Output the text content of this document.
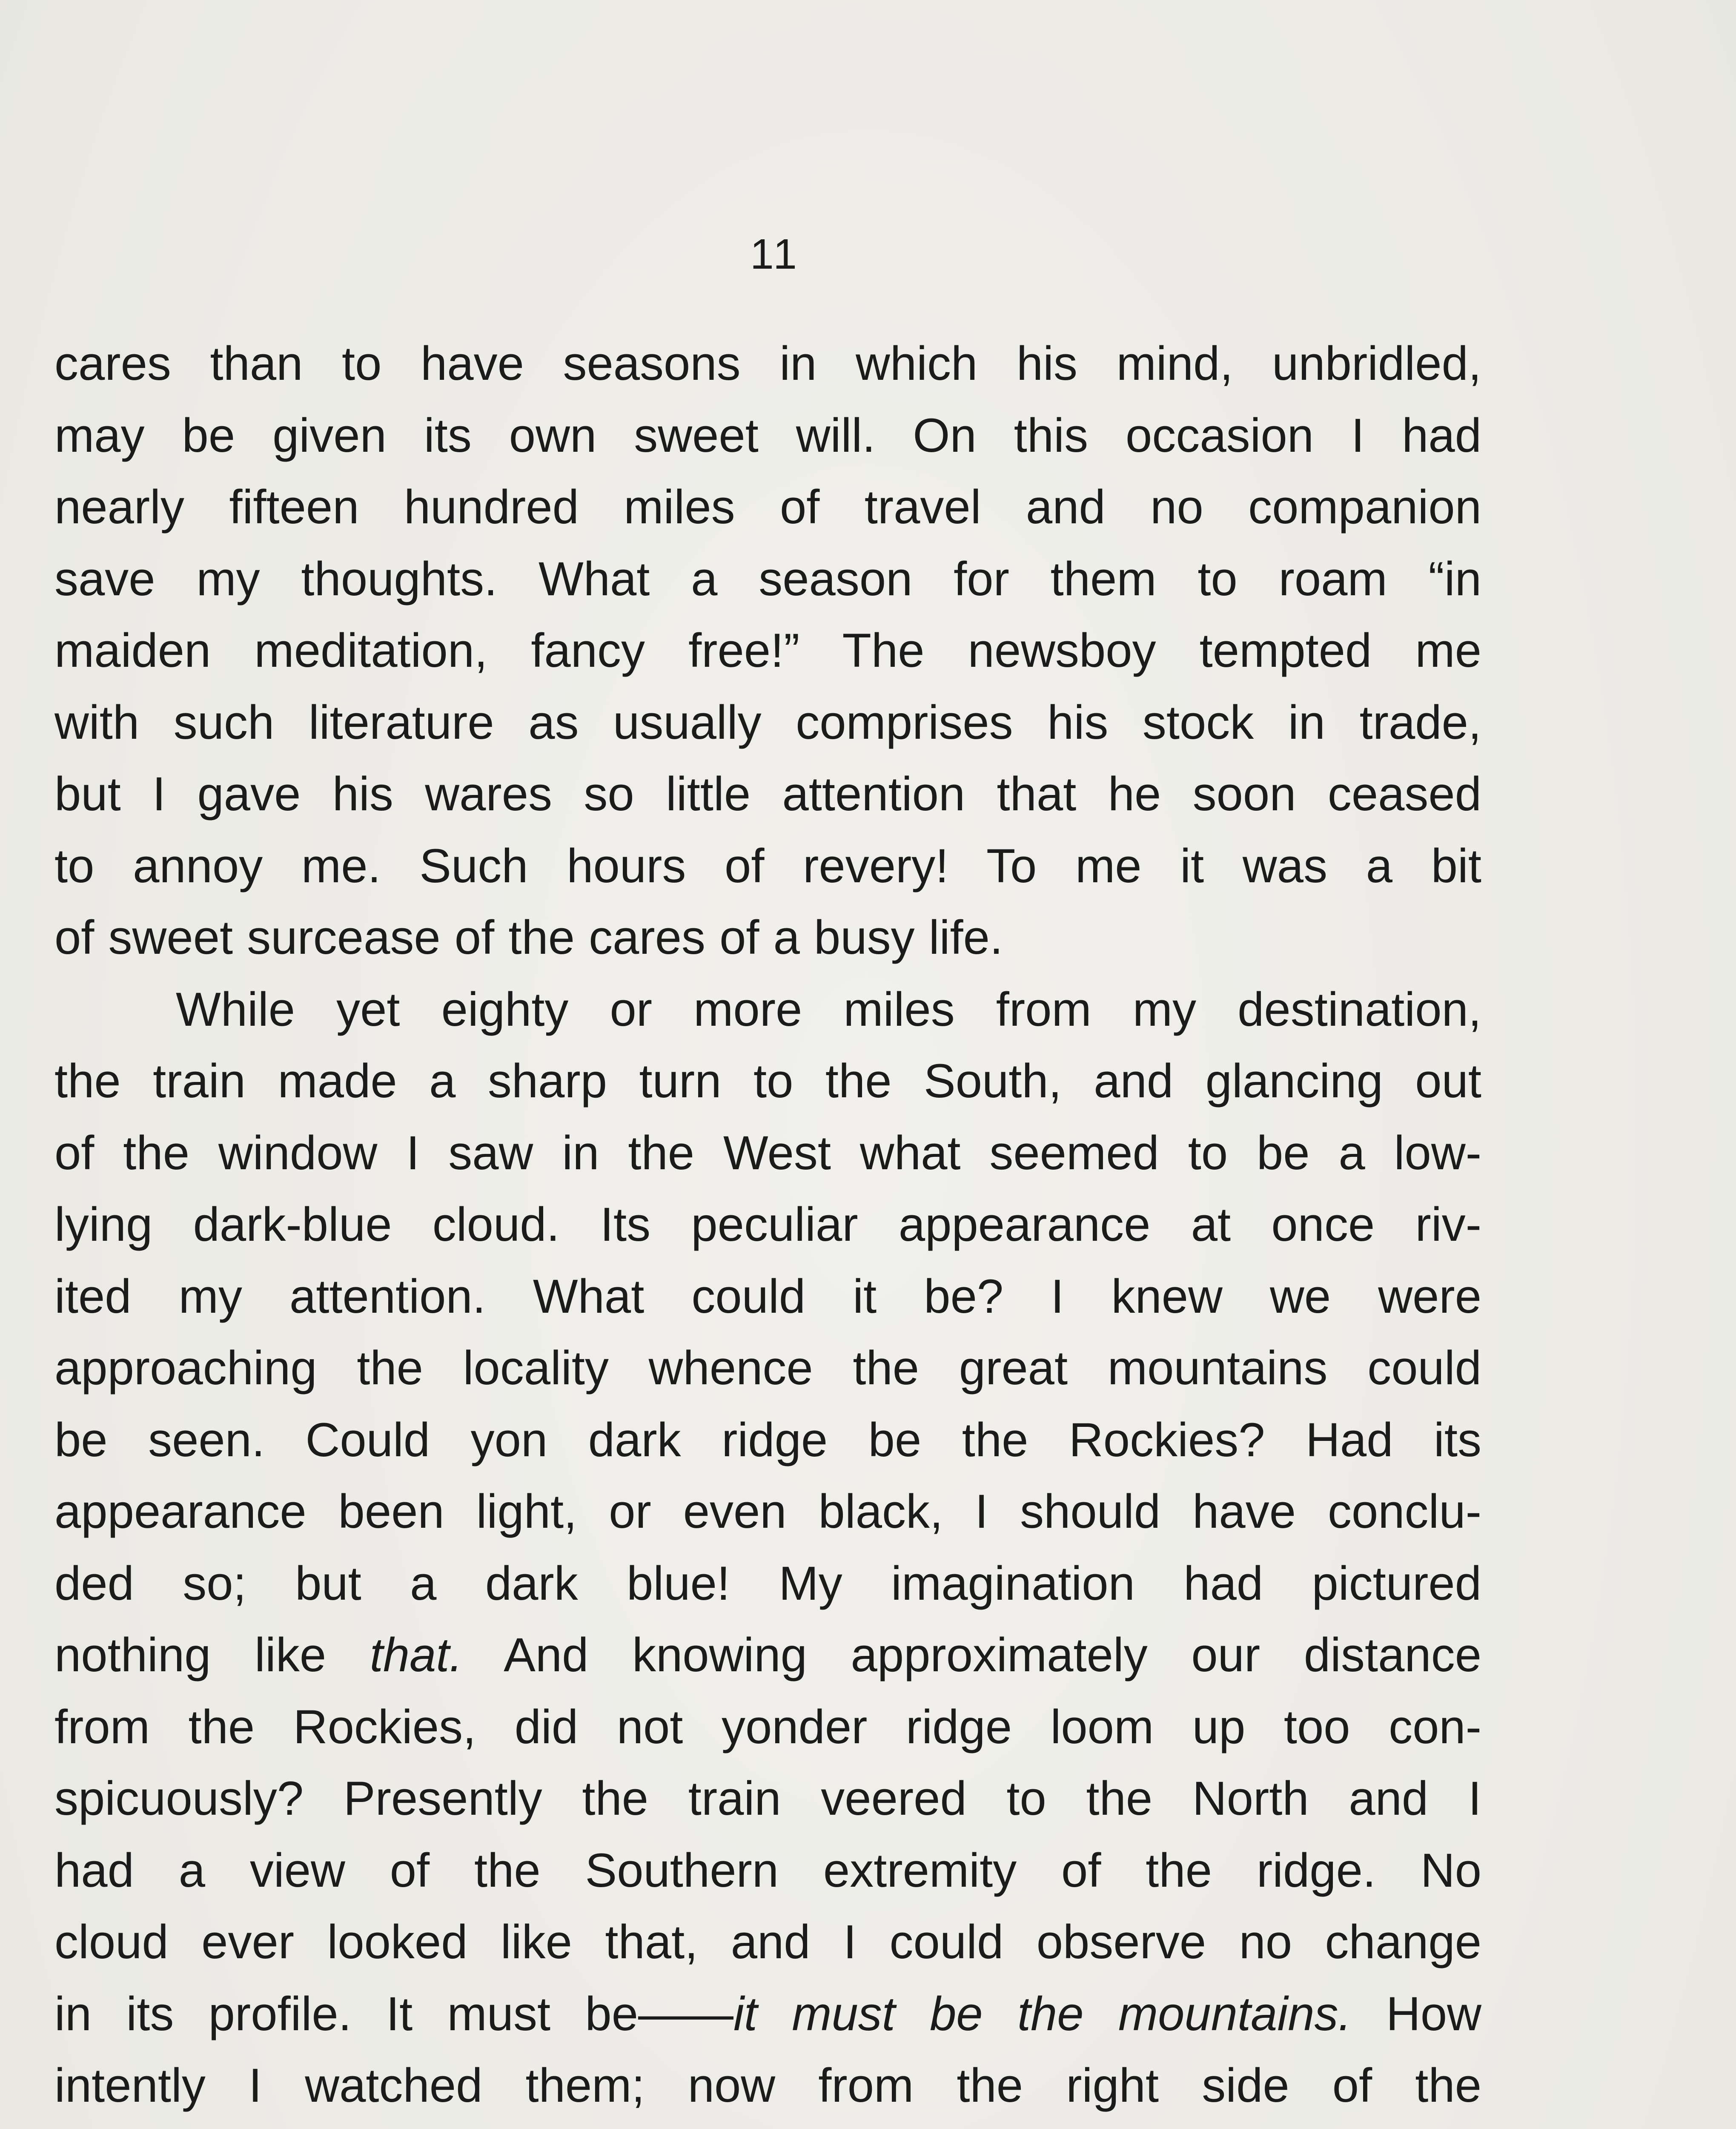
11
cares than to have seasons in which his mind, unbridled,
may be given its own sweet will. On this occasion I had
nearly fifteen hundred miles of travel and no companion
save my thoughts. What a season for them to roam “in
maiden meditation, fancy free!” The newsboy tempted me
with such literature as usually comprises his stock in trade,
but I gave his wares so little attention that he soon ceased
to annoy me. Such hours of revery! To me it was a bit
of sweet surcease of the cares of a busy life.
While yet eighty or more miles from my destination,
the train made a sharp turn to the South, and glancing out
of the window I saw in the West what seemed to be a low-
lying dark-blue cloud. Its peculiar appearance at once riv-
ited my attention. What could it be? I knew we were
approaching the locality whence the great mountains could
be seen. Could yon dark ridge be the Rockies? Had its
appearance been light, or even black, I should have conclu-
ded so; but a dark blue! My imagination had pictured
nothing like that. And knowing approximately our distance
from the Rockies, did not yonder ridge loom up too con-
spicuously? Presently the train veered to the North and I
had a view of the Southern extremity of the ridge. No
cloud ever looked like that, and I could observe no change
in its profile. It must be——it must be the mountains. How
intently I watched them; now from the right side of the
